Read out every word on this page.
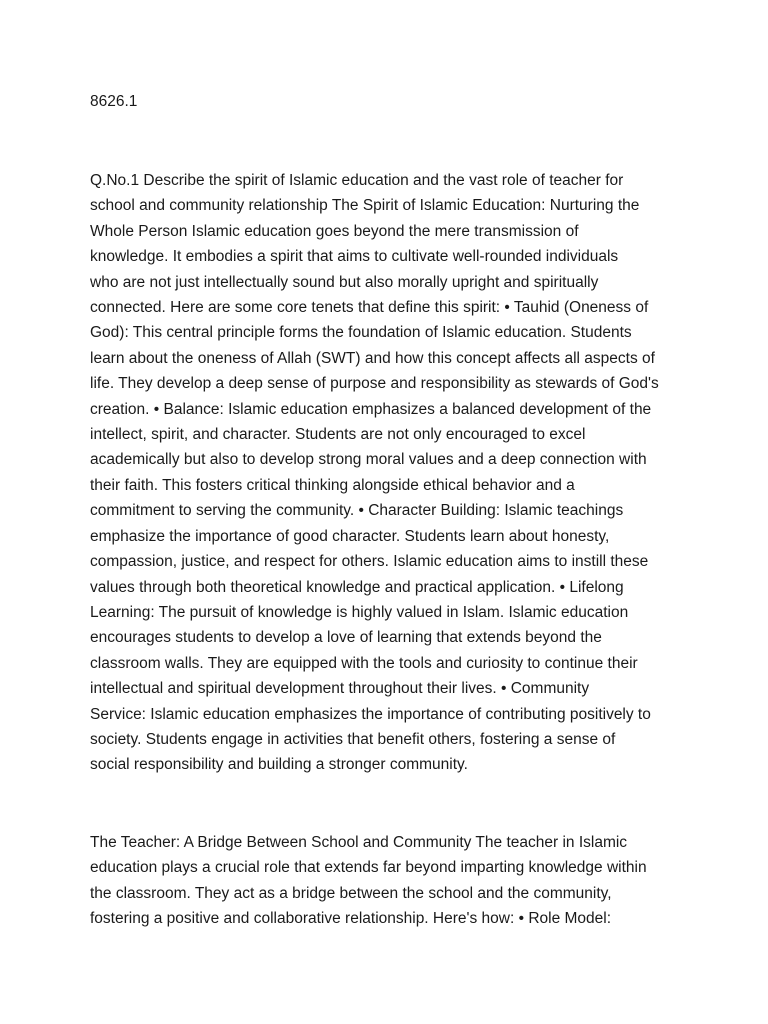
8626.1

Q.No.1 Describe the spirit of Islamic education and the vast role of teacher for
school and community relationship The Spirit of Islamic Education: Nurturing the
Whole Person Islamic education goes beyond the mere transmission of
knowledge. It embodies a spirit that aims to cultivate well-rounded individuals
who are not just intellectually sound but also morally upright and spiritually
connected. Here are some core tenets that define this spirit: • Tauhid (Oneness of
God): This central principle forms the foundation of Islamic education. Students
learn about the oneness of Allah (SWT) and how this concept affects all aspects of
life. They develop a deep sense of purpose and responsibility as stewards of God's
creation. • Balance: Islamic education emphasizes a balanced development of the
intellect, spirit, and character. Students are not only encouraged to excel
academically but also to develop strong moral values and a deep connection with
their faith. This fosters critical thinking alongside ethical behavior and a
commitment to serving the community. • Character Building: Islamic teachings
emphasize the importance of good character. Students learn about honesty,
compassion, justice, and respect for others. Islamic education aims to instill these
values through both theoretical knowledge and practical application. • Lifelong
Learning: The pursuit of knowledge is highly valued in Islam. Islamic education
encourages students to develop a love of learning that extends beyond the
classroom walls. They are equipped with the tools and curiosity to continue their
intellectual and spiritual development throughout their lives. • Community
Service: Islamic education emphasizes the importance of contributing positively to
society. Students engage in activities that benefit others, fostering a sense of
social responsibility and building a stronger community.
The Teacher: A Bridge Between School and Community The teacher in Islamic
education plays a crucial role that extends far beyond imparting knowledge within
the classroom. They act as a bridge between the school and the community,
fostering a positive and collaborative relationship. Here's how: • Role Model:
